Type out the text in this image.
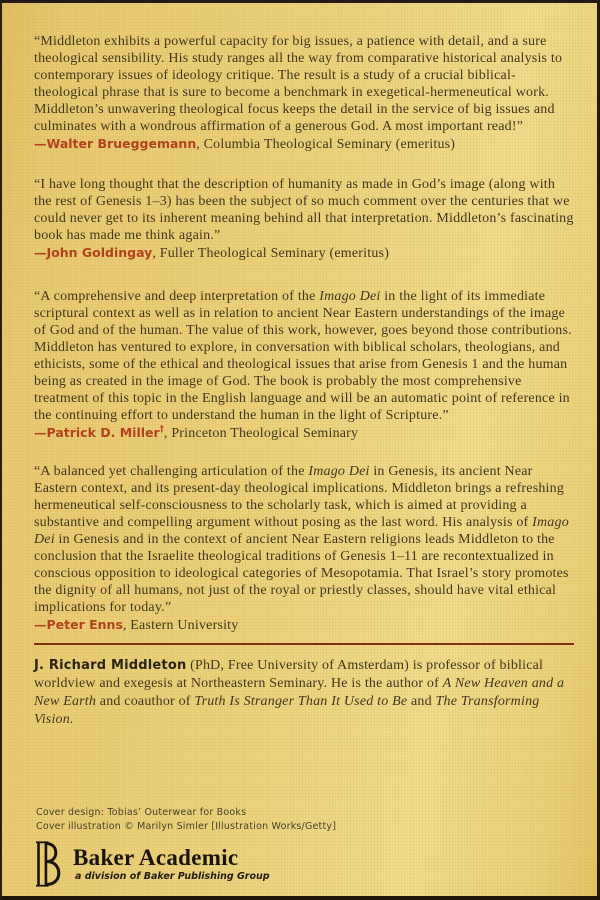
“Middleton exhibits a powerful capacity for big issues, a patience with detail, and a sure theological sensibility. His study ranges all the way from comparative historical analysis to contemporary issues of ideology critique. The result is a study of a crucial biblical-theological phrase that is sure to become a benchmark in exegetical-hermeneutical work. Middleton’s unwavering theological focus keeps the detail in the service of big issues and culminates with a wondrous affirmation of a generous God. A most important read!”

—Walter Brueggemann, Columbia Theological Seminary (emeritus)

“I have long thought that the description of humanity as made in God’s image (along with the rest of Genesis 1–3) has been the subject of so much comment over the centuries that we could never get to its inherent meaning behind all that interpretation. Middleton’s fascinating book has made me think again.”

—John Goldingay, Fuller Theological Seminary (emeritus)

“A comprehensive and deep interpretation of the Imago Dei in the light of its immediate scriptural context as well as in relation to ancient Near Eastern understandings of the image of God and of the human. The value of this work, however, goes beyond those contributions. Middleton has ventured to explore, in conversation with biblical scholars, theologians, and ethicists, some of the ethical and theological issues that arise from Genesis 1 and the human being as created in the image of God. The book is probably the most comprehensive treatment of this topic in the English language and will be an automatic point of reference in the continuing effort to understand the human in the light of Scripture.”

—Patrick D. Miller†, Princeton Theological Seminary

“A balanced yet challenging articulation of the Imago Dei in Genesis, its ancient Near Eastern context, and its present-day theological implications. Middleton brings a refreshing hermeneutical self-consciousness to the scholarly task, which is aimed at providing a substantive and compelling argument without posing as the last word. His analysis of Imago Dei in Genesis and in the context of ancient Near Eastern religions leads Middleton to the conclusion that the Israelite theological traditions of Genesis 1–11 are recontextualized in conscious opposition to ideological categories of Mesopotamia. That Israel’s story promotes the dignity of all humans, not just of the royal or priestly classes, should have vital ethical implications for today.”

—Peter Enns, Eastern University

J. Richard Middleton (PhD, Free University of Amsterdam) is professor of biblical worldview and exegesis at Northeastern Seminary. He is the author of A New Heaven and a New Earth and coauthor of Truth Is Stranger Than It Used to Be and The Transforming Vision.

Cover design: Tobias’ Outerwear for Books
Cover illustration © Marilyn Simler [Illustration Works/Getty]
Baker Academic
a division of Baker Publishing Group
